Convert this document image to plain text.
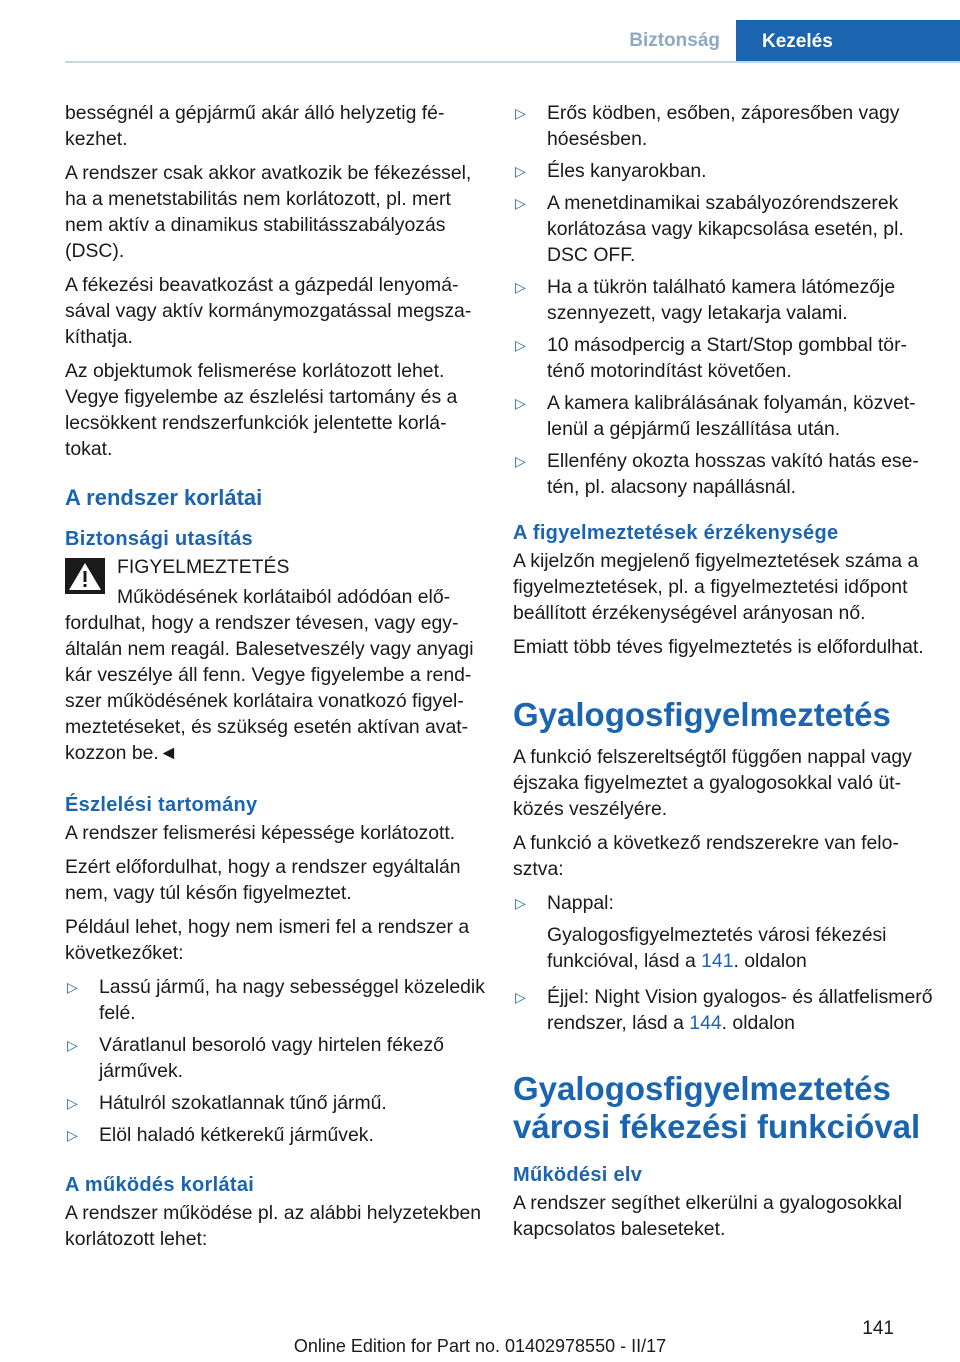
Biztonság	Kezelés

bességnél a gépjármű akár álló helyzetig fékezhet.

A rendszer csak akkor avatkozik be fékezéssel, ha a menetstabilitás nem korlátozott, pl. mert nem aktív a dinamikus stabilitásszabályozás (DSC).

A fékezési beavatkozást a gázpedál lenyomásával vagy aktív kormánymozgatással megszakíthatja.

Az objektumok felismerése korlátozott lehet. Vegye figyelembe az észlelési tartomány és a lecsökkent rendszerfunkciók jelentette korlátokat.

A rendszer korlátai
Biztonsági utasítás
FIGYELMEZTETÉS

Működésének korlátaiból adódóan előfordulhat, hogy a rendszer tévesen, vagy egyáltalán nem reagál. Balesetveszély vagy anyagi kár veszélye áll fenn. Vegye figyelembe a rendszer működésének korlátaira vonatkozó figyelmeztetéseket, és szükség esetén aktívan avatkozzon be.◄

Észlelési tartomány

A rendszer felismerési képessége korlátozott.

Ezért előfordulhat, hogy a rendszer egyáltalán nem, vagy túl későn figyelmeztet.

Például lehet, hogy nem ismeri fel a rendszer a következőket:

▷ Lassú jármű, ha nagy sebességgel közeledik felé.
▷ Váratlanul besoroló vagy hirtelen fékező járművek.
▷ Hátulról szokatlannak tűnő jármű.
▷ Elöl haladó kétkerekű járművek.
A működés korlátai

A rendszer működése pl. az alábbi helyzetekben korlátozott lehet:

▷ Erős ködben, esőben, záporesőben vagy hóesésben.
▷ Éles kanyarokban.
▷ A menetdinamikai szabályozórendszerek korlátozása vagy kikapcsolása esetén, pl. DSC OFF.
▷ Ha a tükrön található kamera látómezője szennyezett, vagy letakarja valami.
▷ 10 másodpercig a Start/Stop gombbal történő motorindítást követően.
▷ A kamera kalibrálásának folyamán, közvetlenül a gépjármű leszállítása után.
▷ Ellenfény okozta hosszas vakító hatás esetén, pl. alacsony napállásnál.
A figyelmeztetések érzékenysége

A kijelzőn megjelenő figyelmeztetések száma a figyelmeztetések, pl. a figyelmeztetési időpont beállított érzékenységével arányosan nő.

Emiatt több téves figyelmeztetés is előfordulhat.

Gyalogosfigyelmeztetés

A funkció felszereltségtől függően nappal vagy éjszaka figyelmeztet a gyalogosokkal való ütközés veszélyére.

A funkció a következő rendszerekre van felosztva:

▷ Nappal:
Gyalogosfigyelmeztetés városi fékezési funkcióval, lásd a 141. oldalon
▷ Éjjel: Night Vision gyalogos- és állatfelismerő rendszer, lásd a 144. oldalon
Gyalogosfigyelmeztetés
városi fékezési funkcióval
Működési elv

A rendszer segíthet elkerülni a gyalogosokkal kapcsolatos baleseteket.

141
Online Edition for Part no. 01402978550 - II/17
